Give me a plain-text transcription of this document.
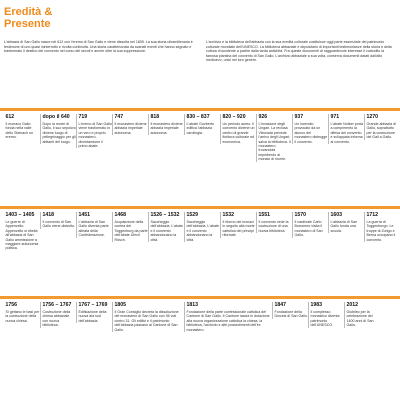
Eredità &
Presente
L'abbazia di San Gallo nasce nel 612 con l'eremo di San Gallo e viene dissolta nel 1805. La sua storia ultramillenaria è testimone di uno quasi ininterrotto e rivolta continuità. Una storia caratterizzata da svariati eventi che hanno segnato e trasformato il destino del convento nel corso dei secoli e anche oltre la sua soppressione.
L'archivio e la biblioteca dell'abbazia con la sua eredità culturale costituisce oggi parte essenziale del patrimonio culturale mondiale dell'UNESCO. La biblioteca abbaziale e depositario di importanti testimonianze della storia e della cultura d'occidente a partire dalla tarda antichità. Fra queste documenti di ragguardevole interesse il custodito la famosa piantina del convento di San Gallo. L'archivio abbaziale a sua volta, conserva documenti datati dall'alto medioevo, unici nel loro genere.
612
Il monaco Gallo fonda nella valle dello Steinach un eremo.
dopo il 640
Dopo la morte di Gallo, il suo sepolcro diviene luogo di pellegrinaggio per gli abitanti del luogo.
719
L'eremo di San Gallo viene trasformato in un vero e proprio monastero, diventandone il primo abate.
747
Il monastero diviene abbazia imperiale autonoma.
818
Il monastero diviene abbazia imperiale autonoma.
830 – 837
L'abate Gozberto edifica l'abbazia carolingia.
820 – 920
Un periodo aureo. Il convento diviene un centro di grande fioritura culturale ed economica.
926
L'invasione degli Ungari. La reclusa Viborada prevede l'arrivo degli Ungari; salva la biblioteca. Il monastero trovandola impedendo ai monaci di morire.
937
Un incendio provocato da un alunno del monastero distrugge il convento.
971
L'abate Notker porta a compimento la difesa del convento e sviluppata informa al convento.
1270
Grande abbazia di Gallo, soprattutto per la costruzione del Gall a Gallo.
1403 – 1405
Le guerre di Appenzello. Appenzello si ribella all'abbazia di San Gallo ammissione a maggiore autonomia politica.
1418
Il convento di San Gallo viene distrutto.
1451
L'abbazia di San Gallo diventa parte alleata della Confederazione.
1468
Acquisizione della contea del Toggenburg da parte dell'abate Ulrich Rösch.
1526 – 1532
Saccheggio dell'abbazia. L'abate e il convento abbandonano la città.
1529
Saccheggio dell'abbazia. L'abate e il convento abbandonano la città.
1532
Il ritorno dei monaci in seguito alla morte cattolica dei principi riformati.
1551
Il convento vede la costruzione di una nuova biblioteca.
1570
Il cardinale Carlo Borromeo visita il monastero di San Gallo.
1603
L'abbazia di San Gallo fonda una scuola.
1712
La guerra di Toggenburgo. Le truppe di Zurigo e Berna occupano il convento.
1756
Si gettano le basi per la costruzione della nuova chiesa.
1756 – 1767
Costruzione della chiesa abbaziale con nuova biblioteca.
1767 – 1769
Edificazione della nuova ala sud dell'abbazia.
1805
Il Gran Consiglio decreta la dissoluzione del monastero di San Gallo con 36 voti contro 31. Gli edifici e il patrimonio dell'abbazia passano al Cantone di San Gallo.
1813
Fondazione della parte confessionale cattolica del Cantone di San Gallo. Il Cantone lascia in dotazione alla nuova organizzazione cattolica la chiesa, la biblioteca, l'archivio e altri possedimenti dell'ex monastero.
1847
Fondazione della Diocesi di San Gallo.
1983
Il complesso monastico diventa patrimonio dell'UNESCO.
2012
Giubileo per la celebrazione dei 1400 anni di San Gallo.
